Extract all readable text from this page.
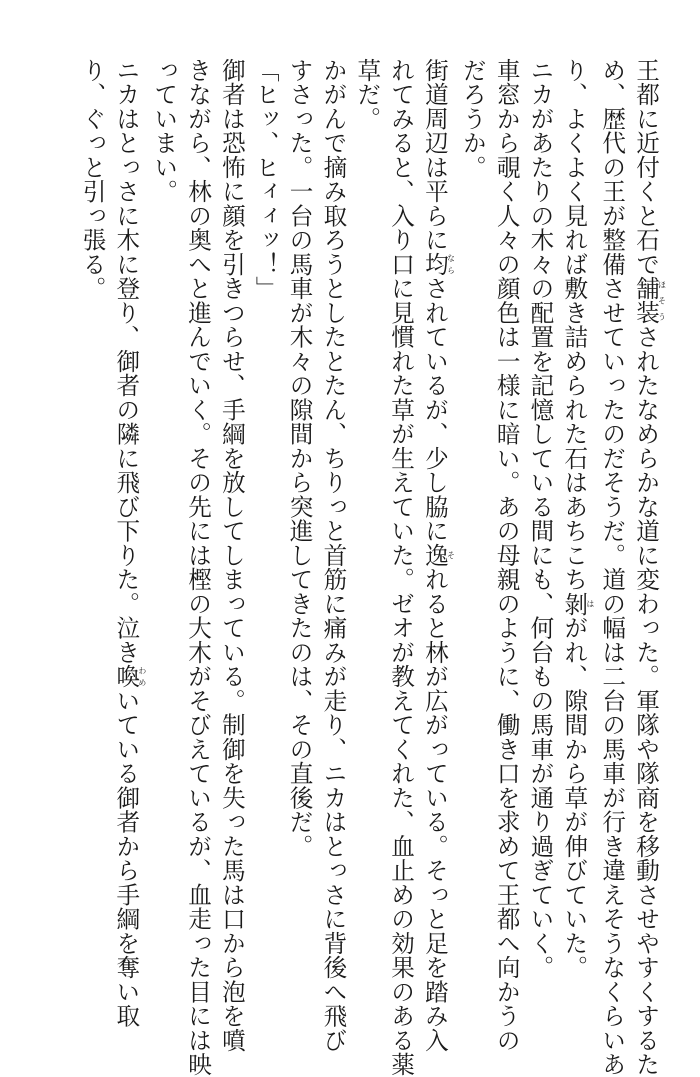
王都に近付くと石で舗装ほそうされたなめらかな道に変わった。軍隊や隊商を移動させやすくするた
め、歴代の王が整備させていったのだそうだ。道の幅は二台の馬車が行き違えそうなくらいあ
り、よくよく見れば敷き詰められた石はあちこち剝はがれ、隙間から草が伸びていた。
ニカがあたりの木々の配置を記憶している間にも、何台もの馬車が通り過ぎていく。
車窓から覗く人々の顔色は一様に暗い。あの母親のように、働き口を求めて王都へ向かうの
だろうか。
街道周辺は平らに均ならされているが、少し脇に逸それると林が広がっている。そっと足を踏み入
れてみると、入り口に見慣れた草が生えていた。ゼオが教えてくれた、血止めの効果のある薬
草だ。
かがんで摘み取ろうとしたとたん、ちりっと首筋に痛みが走り、ニカはとっさに背後へ飛び
すさった。一台の馬車が木々の隙間から突進してきたのは、その直後だ。
「ヒッ、ヒィィッ！」
御者は恐怖に顔を引きつらせ、手綱を放してしまっている。制御を失った馬は口から泡を噴
きながら、林の奥へと進んでいく。その先には樫の大木がそびえているが、血走った目には映
っていまい。
ニカはとっさに木に登り、御者の隣に飛び下りた。泣き喚わめいている御者から手綱を奪い取
り、ぐっと引っ張る。
